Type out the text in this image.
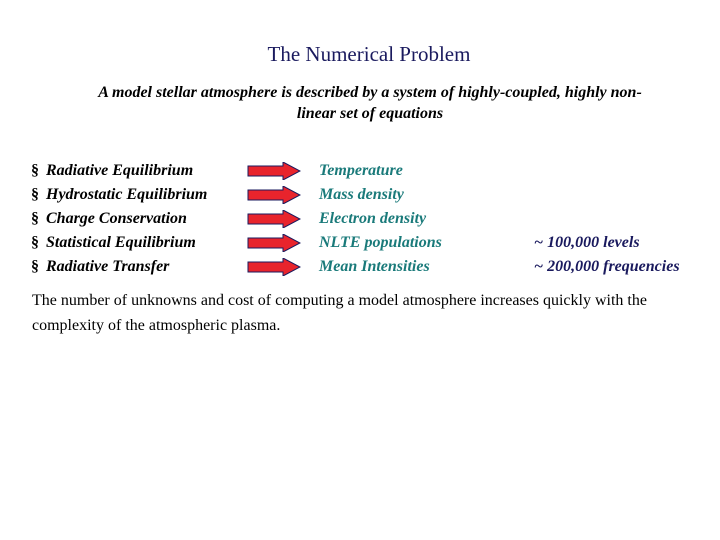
The Numerical Problem
A model stellar atmosphere is described by a system of highly-coupled, highly non-linear set of equations
§ Radiative Equilibrium	Temperature
§ Hydrostatic Equilibrium	Mass density
§ Charge Conservation	Electron density
§ Statistical Equilibrium	NLTE populations	~ 100,000 levels
§ Radiative Transfer	Mean Intensities	~ 200,000 frequencies
The number of unknowns and cost of computing a model atmosphere increases quickly with the complexity of the atmospheric plasma.
